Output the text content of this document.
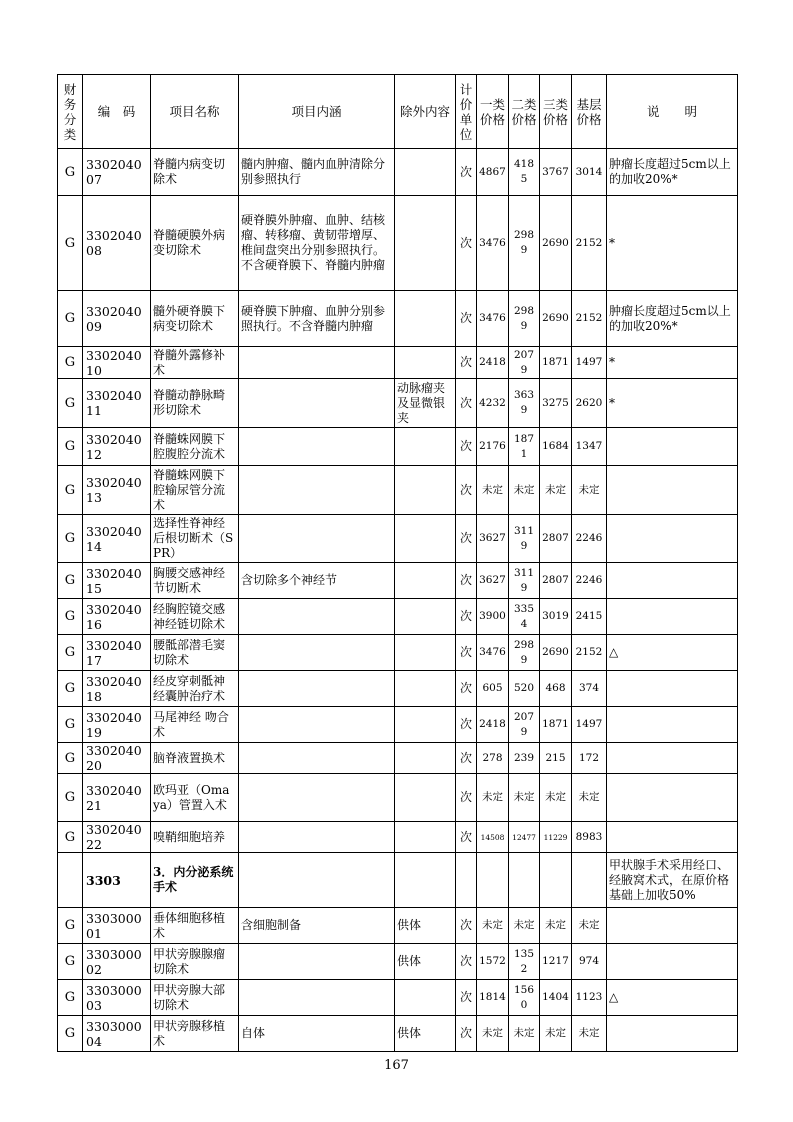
财务分类	编　码	项目名称	项目内涵	除外内容	计价单位	一类价格	二类价格	三类价格	基层价格	说　　明
G	330204007	脊髓内病变切除术	髓内肿瘤、髓内血肿清除分别参照执行		次	4867	4185	3767	3014	肿瘤长度超过5cm以上的加收20%*
G	330204008	脊髓硬膜外病变切除术	硬脊膜外肿瘤、血肿、结核瘤、转移瘤、黄韧带增厚、椎间盘突出分别参照执行。不含硬脊膜下、脊髓内肿瘤		次	3476	2989	2690	2152	*
G	330204009	髓外硬脊膜下病变切除术	硬脊膜下肿瘤、血肿分别参照执行。不含脊髓内肿瘤		次	3476	2989	2690	2152	肿瘤长度超过5cm以上的加收20%*
G	330204010	脊髓外露修补术			次	2418	2079	1871	1497	*
G	330204011	脊髓动静脉畸形切除术		动脉瘤夹及显微银夹	次	4232	3639	3275	2620	*
G	330204012	脊髓蛛网膜下腔腹腔分流术			次	2176	1871	1684	1347	
G	330204013	脊髓蛛网膜下腔输尿管分流术			次	未定	未定	未定	未定	
G	330204014	选择性脊神经后根切断术（SPR）			次	3627	3119	2807	2246	
G	330204015	胸腰交感神经节切断术	含切除多个神经节		次	3627	3119	2807	2246	
G	330204016	经胸腔镜交感神经链切除术			次	3900	3354	3019	2415	
G	330204017	腰骶部潜毛窦切除术			次	3476	2989	2690	2152	△
G	330204018	经皮穿刺骶神经囊肿治疗术			次	605	520	468	374	
G	330204019	马尾神经 吻合术			次	2418	2079	1871	1497	
G	330204020	脑脊液置换术			次	278	239	215	172	
G	330204021	欧玛亚（Omaya）管置入术			次	未定	未定	未定	未定	
G	330204022	嗅鞘细胞培养			次	14508	12477	11229	8983	
	3303	3．内分泌系统手术								甲状腺手术采用经口、经腋窝术式，在原价格基础上加收50%
G	330300001	垂体细胞移植术	含细胞制备	供体	次	未定	未定	未定	未定	
G	330300002	甲状旁腺腺瘤切除术		供体	次	1572	1352	1217	974	
G	330300003	甲状旁腺大部切除术			次	1814	1560	1404	1123	△
G	330300004	甲状旁腺移植术	自体	供体	次	未定	未定	未定	未定	
167
